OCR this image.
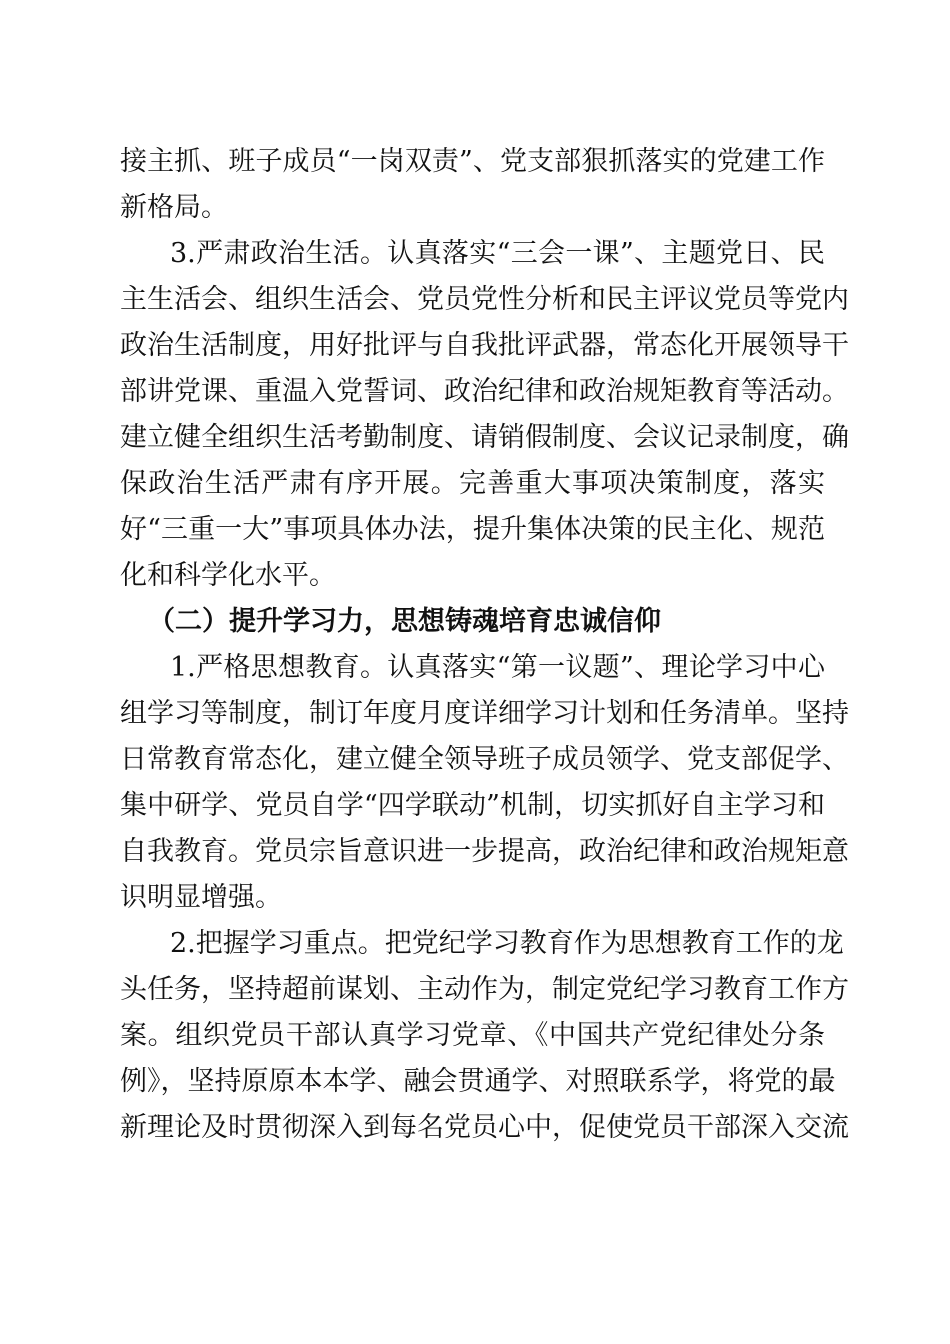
接主抓、班子成员“一岗双责”、党支部狠抓落实的党建工作
新格局。
3.严肃政治生活。认真落实“三会一课”、主题党日、民
主生活会、组织生活会、党员党性分析和民主评议党员等党内
政治生活制度，用好批评与自我批评武器，常态化开展领导干
部讲党课、重温入党誓词、政治纪律和政治规矩教育等活动。
建立健全组织生活考勤制度、请销假制度、会议记录制度，确
保政治生活严肃有序开展。完善重大事项决策制度，落实
好“三重一大”事项具体办法，提升集体决策的民主化、规范
化和科学化水平。
（二）提升学习力，思想铸魂培育忠诚信仰
1.严格思想教育。认真落实“第一议题”、理论学习中心
组学习等制度，制订年度月度详细学习计划和任务清单。坚持
日常教育常态化，建立健全领导班子成员领学、党支部促学、
集中研学、党员自学“四学联动”机制，切实抓好自主学习和
自我教育。党员宗旨意识进一步提高，政治纪律和政治规矩意
识明显增强。
2.把握学习重点。把党纪学习教育作为思想教育工作的龙
头任务，坚持超前谋划、主动作为，制定党纪学习教育工作方
案。组织党员干部认真学习党章、《中国共产党纪律处分条
例》，坚持原原本本学、融会贯通学、对照联系学，将党的最
新理论及时贯彻深入到每名党员心中，促使党员干部深入交流
